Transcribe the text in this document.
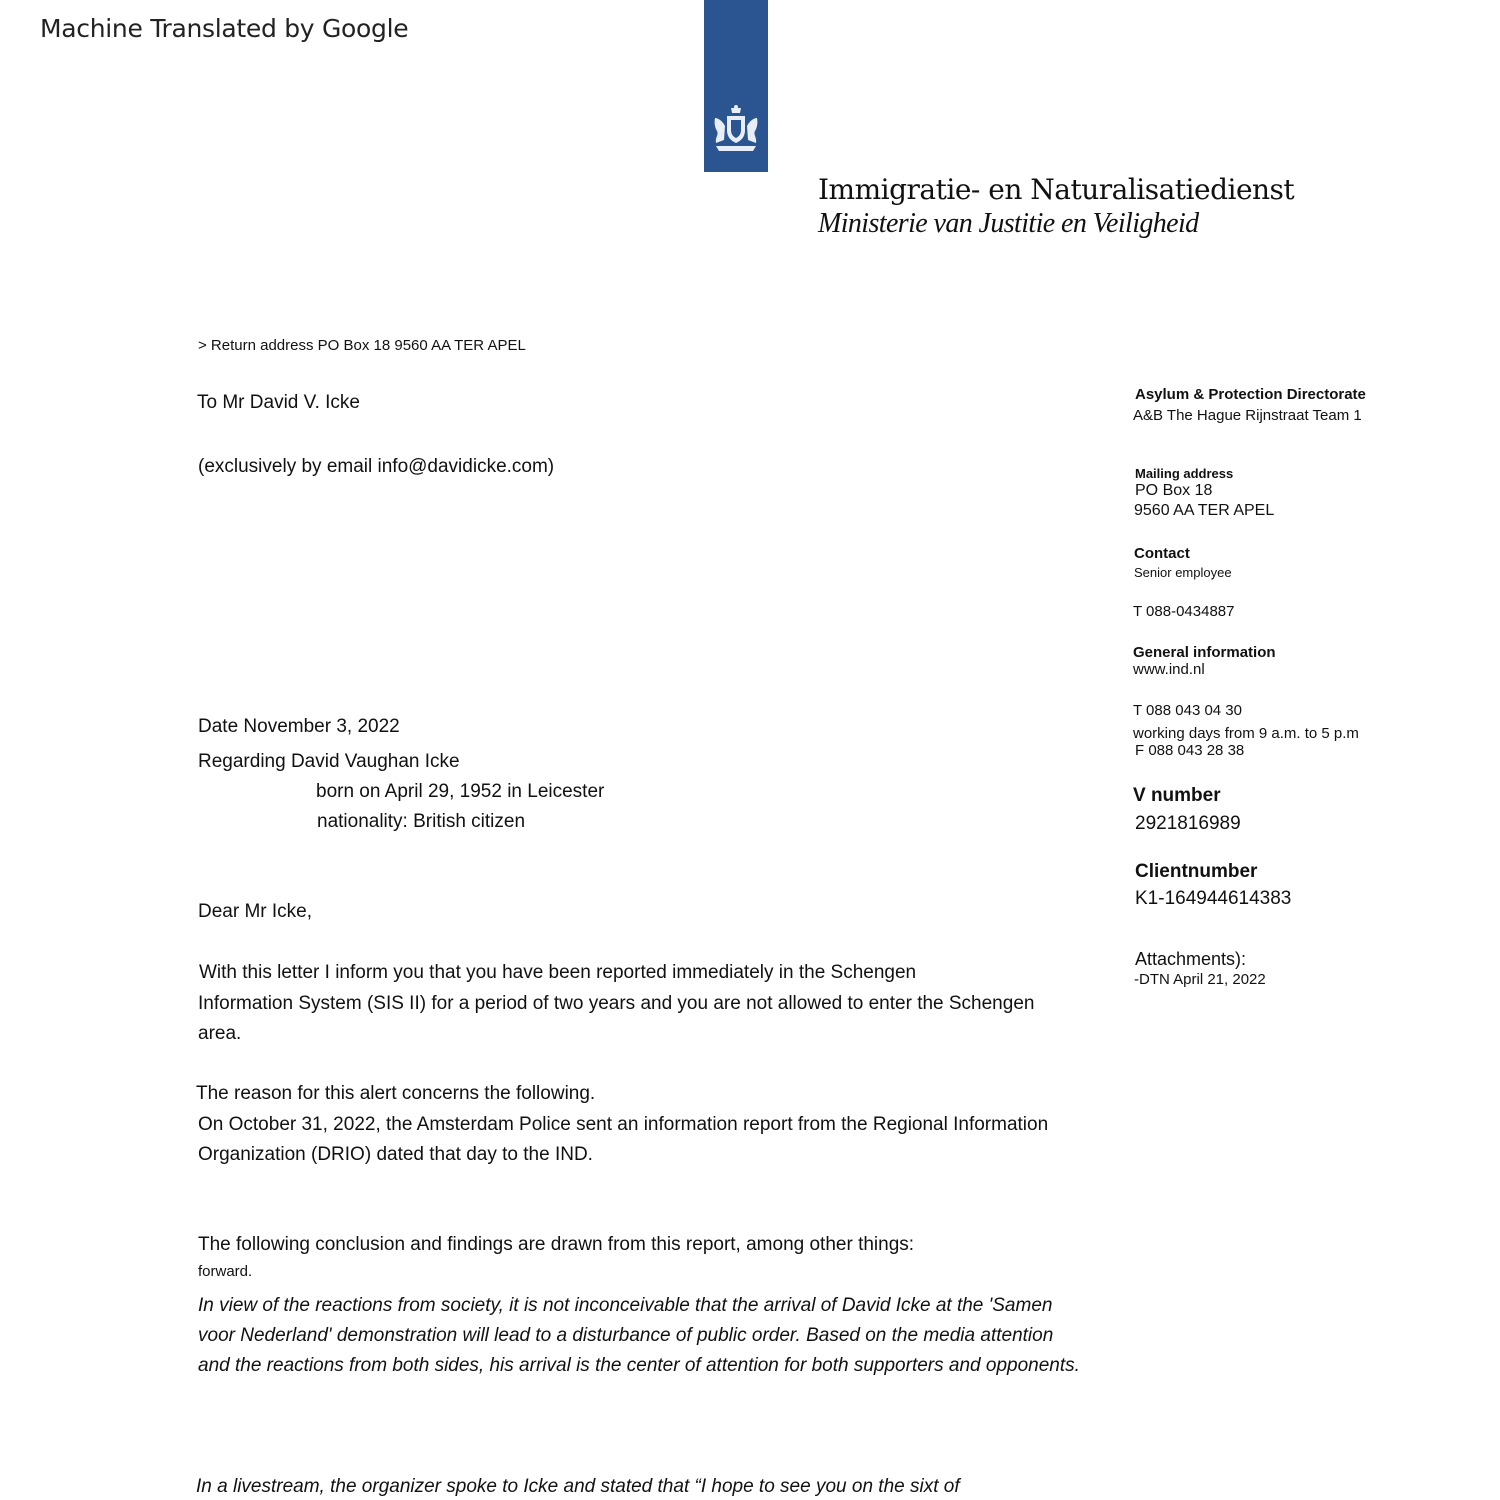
Machine Translated by Google
Immigratie- en Naturalisatiedienst
Ministerie van Justitie en Veiligheid
> Return address PO Box 18 9560 AA TER APEL
To Mr David V. Icke
(exclusively by email info@davidicke.com)
Asylum & Protection Directorate
A&B The Hague Rijnstraat Team 1
Mailing address
PO Box 18
9560 AA TER APEL
Contact
Senior employee
T 088-0434887
General information
www.ind.nl
T 088 043 04 30
working days from 9 a.m. to 5 p.m
F 088 043 28 38
V number
2921816989
Clientnumber
K1-164944614383
Attachments):
-DTN April 21, 2022
Date November 3, 2022
Regarding David Vaughan Icke
born on April 29, 1952 in Leicester
nationality: British citizen
Dear Mr Icke,
With this letter I inform you that you have been reported immediately in the Schengen
Information System (SIS II) for a period of two years and you are not allowed to enter the Schengen
area.
The reason for this alert concerns the following.
On October 31, 2022, the Amsterdam Police sent an information report from the Regional Information
Organization (DRIO) dated that day to the IND.
The following conclusion and findings are drawn from this report, among other things:
forward.
In view of the reactions from society, it is not inconceivable that the arrival of David Icke at the 'Samen
voor Nederland' demonstration will lead to a disturbance of public order. Based on the media attention
and the reactions from both sides, his arrival is the center of attention for both supporters and opponents.
In a livestream, the organizer spoke to Icke and stated that “I hope to see you on the sixt of
